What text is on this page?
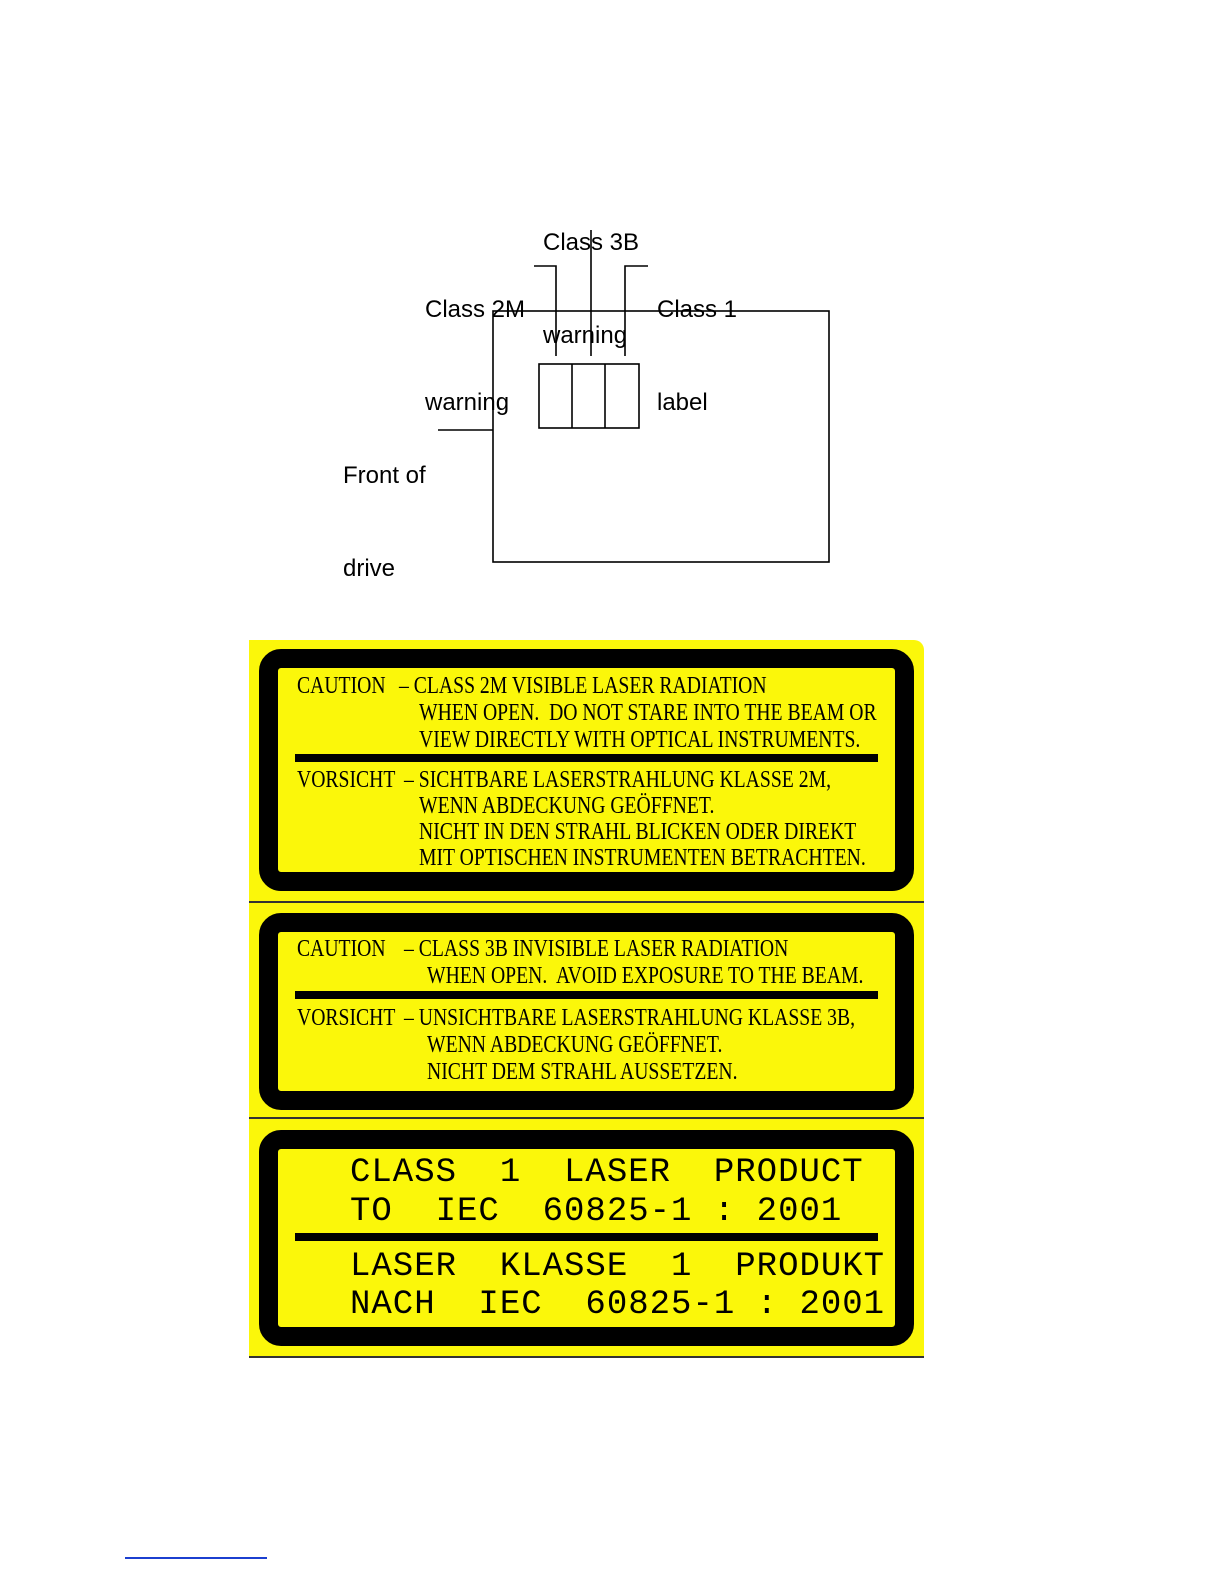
Class 3B

warning

Class 2M

warning

Class 1

label

Front of

drive

CAUTION – CLASS 2M VISIBLE LASER RADIATION
WHEN OPEN.  DO NOT STARE INTO THE BEAM OR
VIEW DIRECTLY WITH OPTICAL INSTRUMENTS.
VORSICHT – SICHTBARE LASERSTRAHLUNG KLASSE 2M,
WENN ABDECKUNG GEÖFFNET.
NICHT IN DEN STRAHL BLICKEN ODER DIREKT
MIT OPTISCHEN INSTRUMENTEN BETRACHTEN.
CAUTION – CLASS 3B INVISIBLE LASER RADIATION
WHEN OPEN.  AVOID EXPOSURE TO THE BEAM.
VORSICHT – UNSICHTBARE LASERSTRAHLUNG KLASSE 3B,
WENN ABDECKUNG GEÖFFNET.
NICHT DEM STRAHL AUSSETZEN.
CLASS  1  LASER  PRODUCT
TO  IEC  60825-1 : 2001
LASER  KLASSE  1  PRODUKT
NACH  IEC  60825-1 : 2001
